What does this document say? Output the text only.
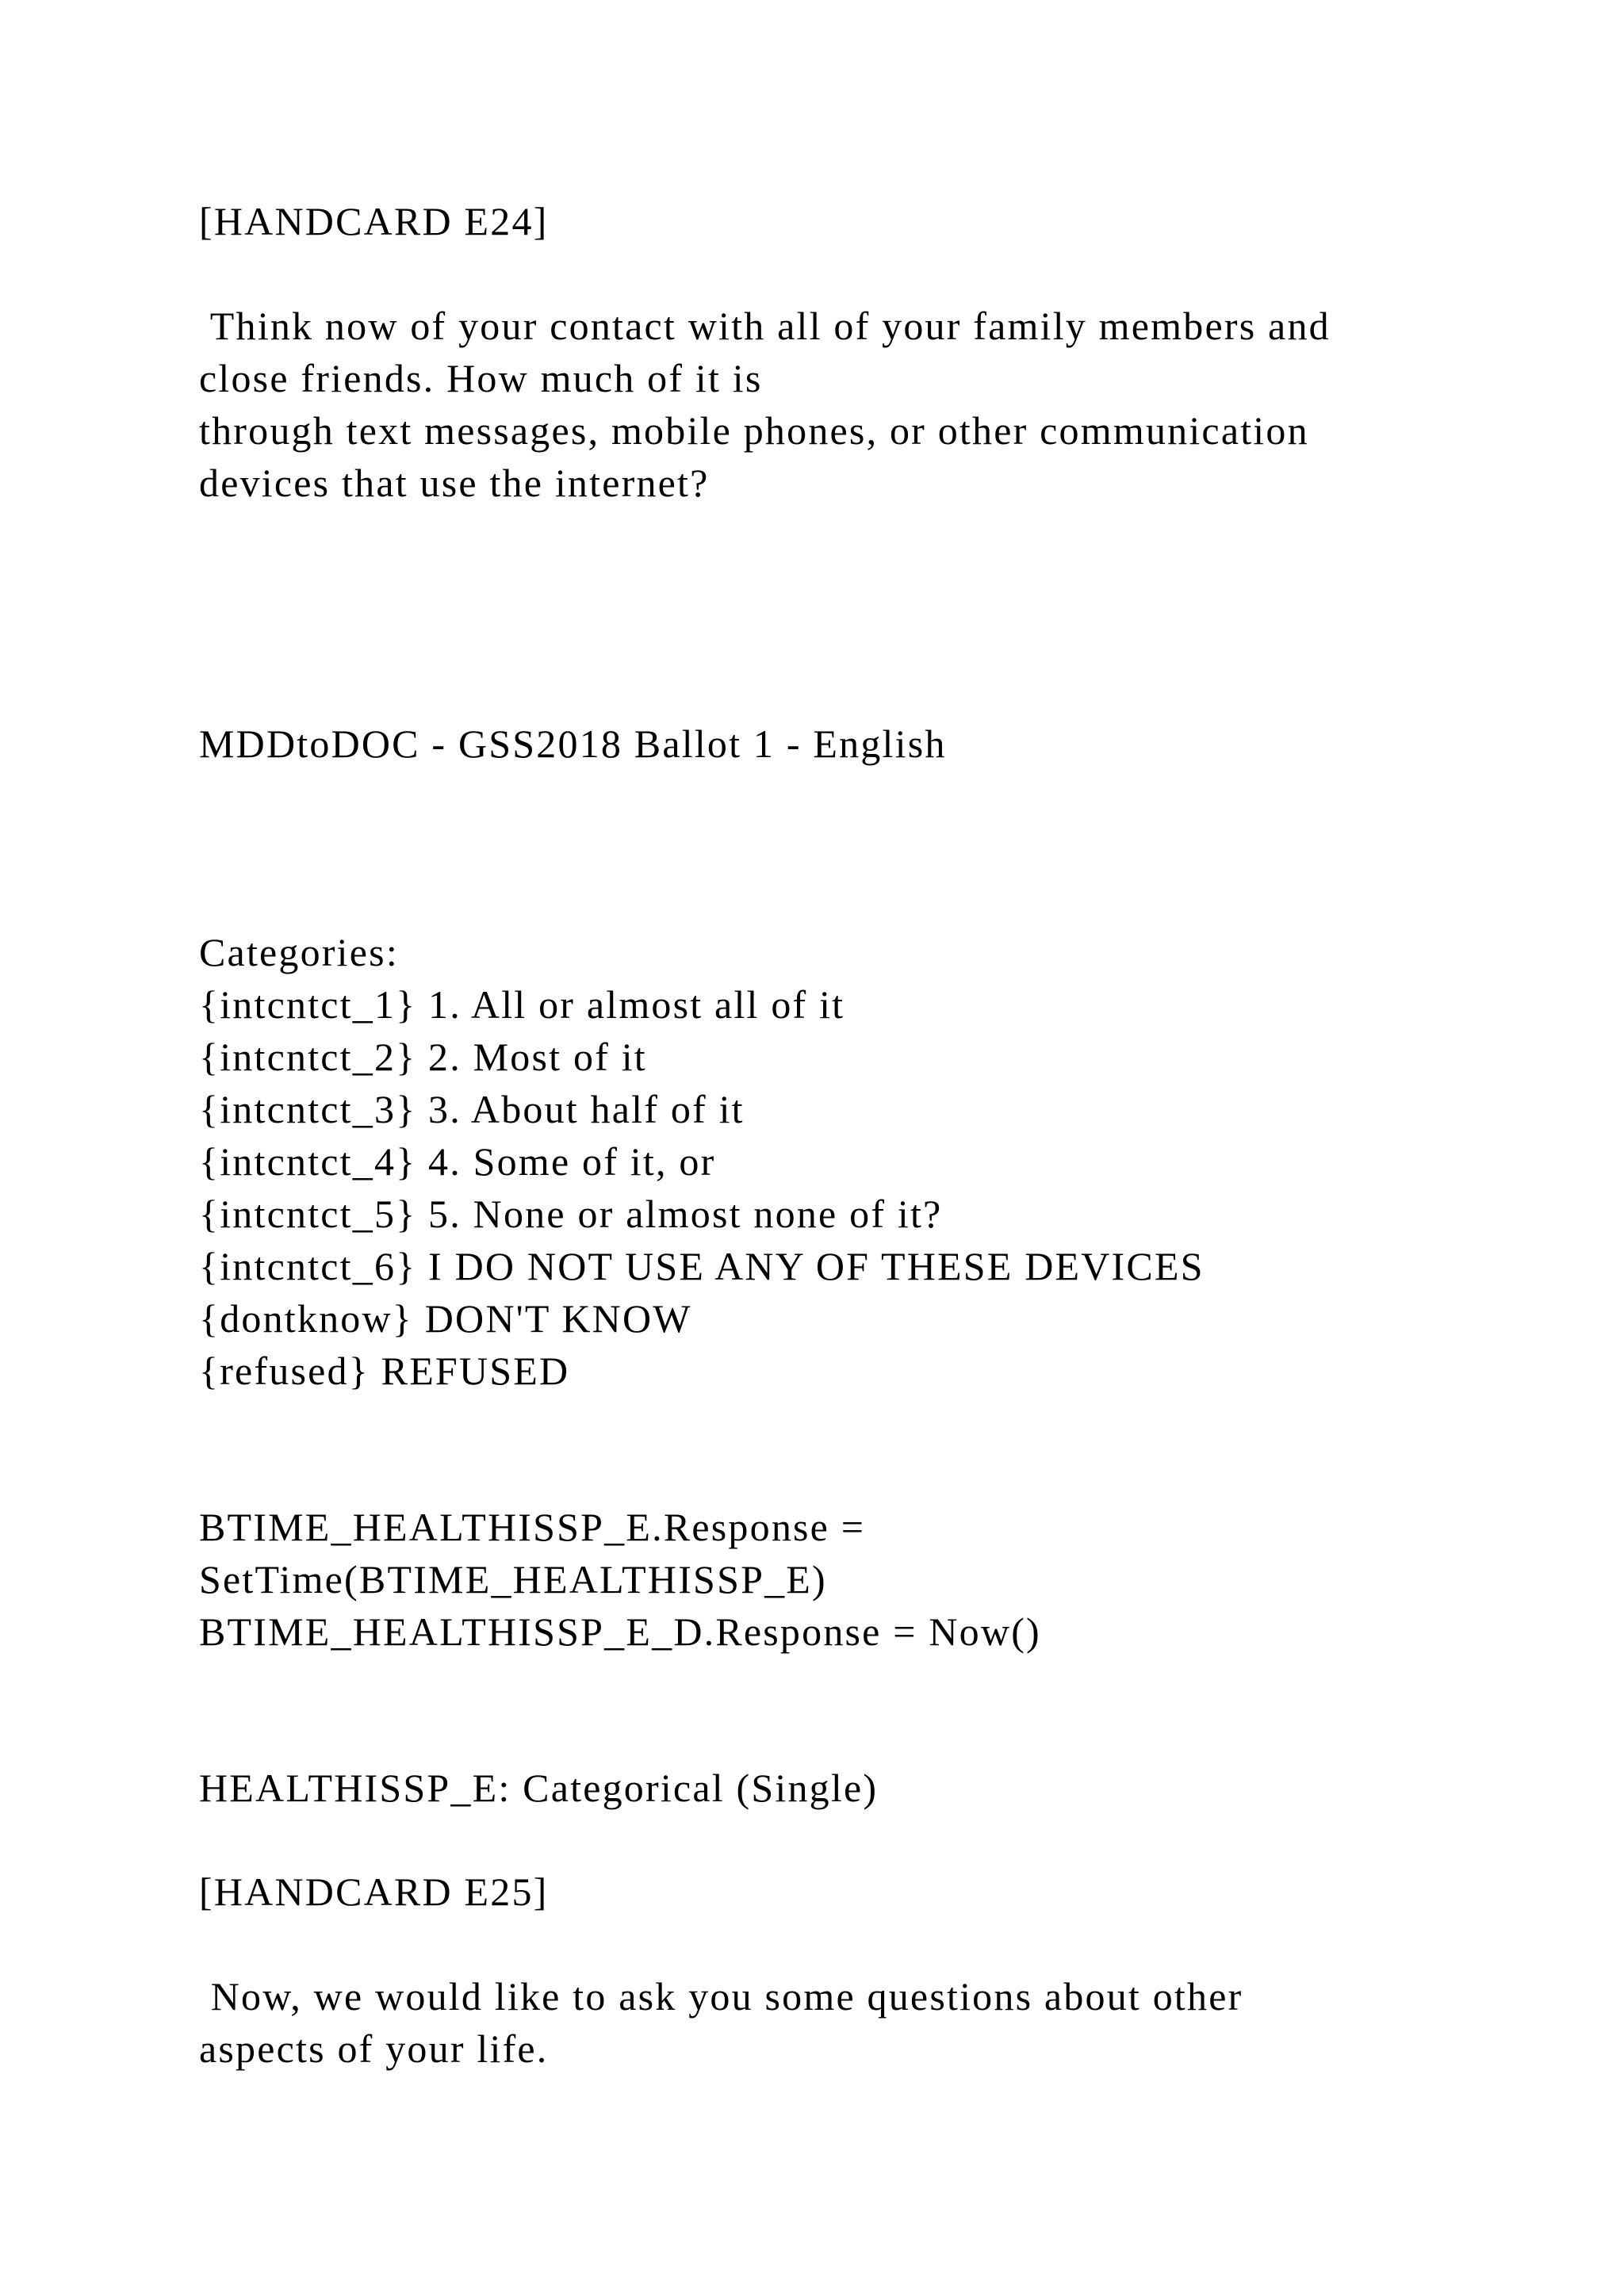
[HANDCARD E24]
Think now of your contact with all of your family members and
close friends. How much of it is
through text messages, mobile phones, or other communication
devices that use the internet?
MDDtoDOC - GSS2018 Ballot 1 - English
Categories:
{intcntct_1} 1. All or almost all of it
{intcntct_2} 2. Most of it
{intcntct_3} 3. About half of it
{intcntct_4} 4. Some of it, or
{intcntct_5} 5. None or almost none of it?
{intcntct_6} I DO NOT USE ANY OF THESE DEVICES
{dontknow} DON'T KNOW
{refused} REFUSED
BTIME_HEALTHISSP_E.Response =
SetTime(BTIME_HEALTHISSP_E)
BTIME_HEALTHISSP_E_D.Response = Now()
HEALTHISSP_E: Categorical (Single)
[HANDCARD E25]
Now, we would like to ask you some questions about other
aspects of your life.
